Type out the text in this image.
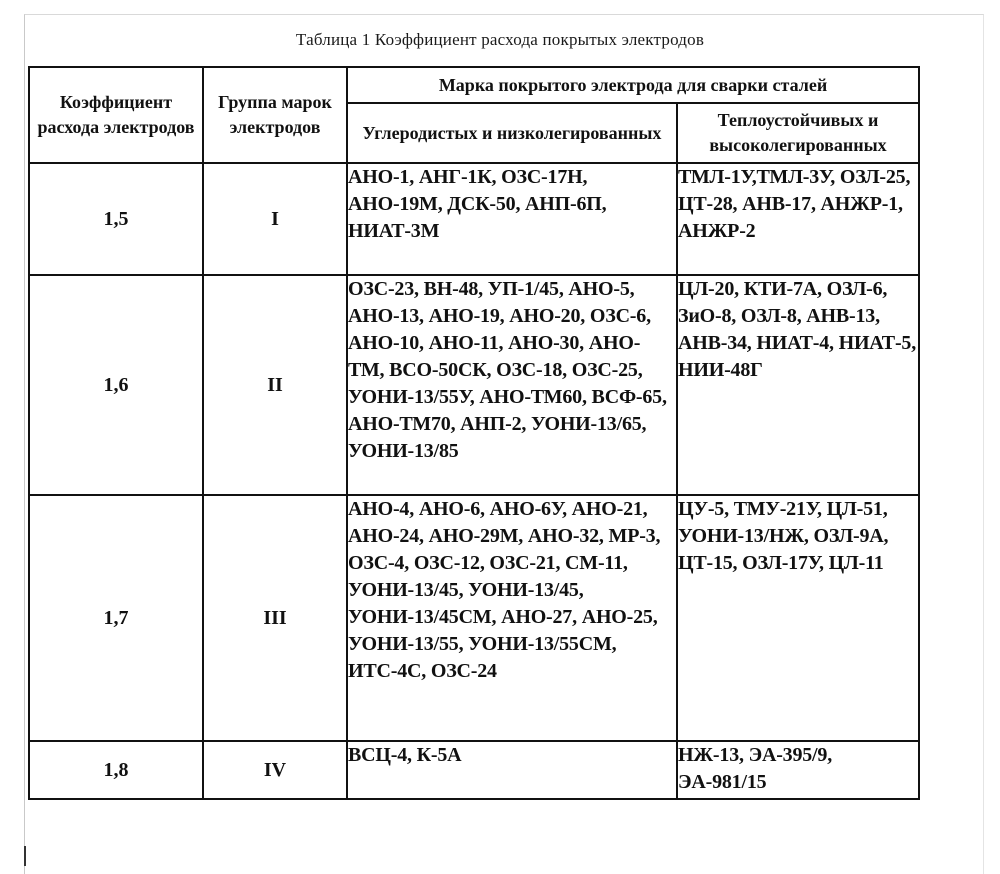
Таблица 1 Коэффициент расхода покрытых электродов
Коэффициент расхода электродов	Группа марок электродов	Марка покрытого электрода для сварки сталей	
		Углеродистых и низколегированных	Теплоустойчивых и высоколегированных
1,5	I	АНО-1, АНГ-1К, ОЗС-17Н, АНО-19М, ДСК-50, АНП-6П, НИАТ-3М	ТМЛ-1У,ТМЛ-3У, ОЗЛ-25, ЦТ-28, АНВ-17, АНЖР-1, АНЖР-2
1,6	II	ОЗС-23, ВН-48, УП-1/45, АНО-5, АНО-13, АНО-19, АНО-20, ОЗС-6, АНО-10, АНО-11, АНО-30, АНО-ТМ, ВСО-50СК, ОЗС-18, ОЗС-25, УОНИ-13/55У, АНО-ТМ60, ВСФ-65, АНО-ТМ70, АНП-2, УОНИ-13/65, УОНИ-13/85	ЦЛ-20, КТИ-7А, ОЗЛ-6, ЗиО-8, ОЗЛ-8, АНВ-13, АНВ-34, НИАТ-4, НИАТ-5, НИИ-48Г
1,7	III	АНО-4, АНО-6, АНО-6У, АНО-21, АНО-24, АНО-29М, АНО-32, МР-3, ОЗС-4, ОЗС-12, ОЗС-21, СМ-11, УОНИ-13/45, УОНИ-13/45, УОНИ-13/45СМ, АНО-27, АНО-25, УОНИ-13/55, УОНИ-13/55СМ, ИТС-4С, ОЗС-24	ЦУ-5, ТМУ-21У, ЦЛ-51, УОНИ-13/НЖ, ОЗЛ-9А, ЦТ-15, ОЗЛ-17У, ЦЛ-11
1,8	IV	ВСЦ-4, К-5А	НЖ-13, ЭА-395/9, ЭА-981/15
